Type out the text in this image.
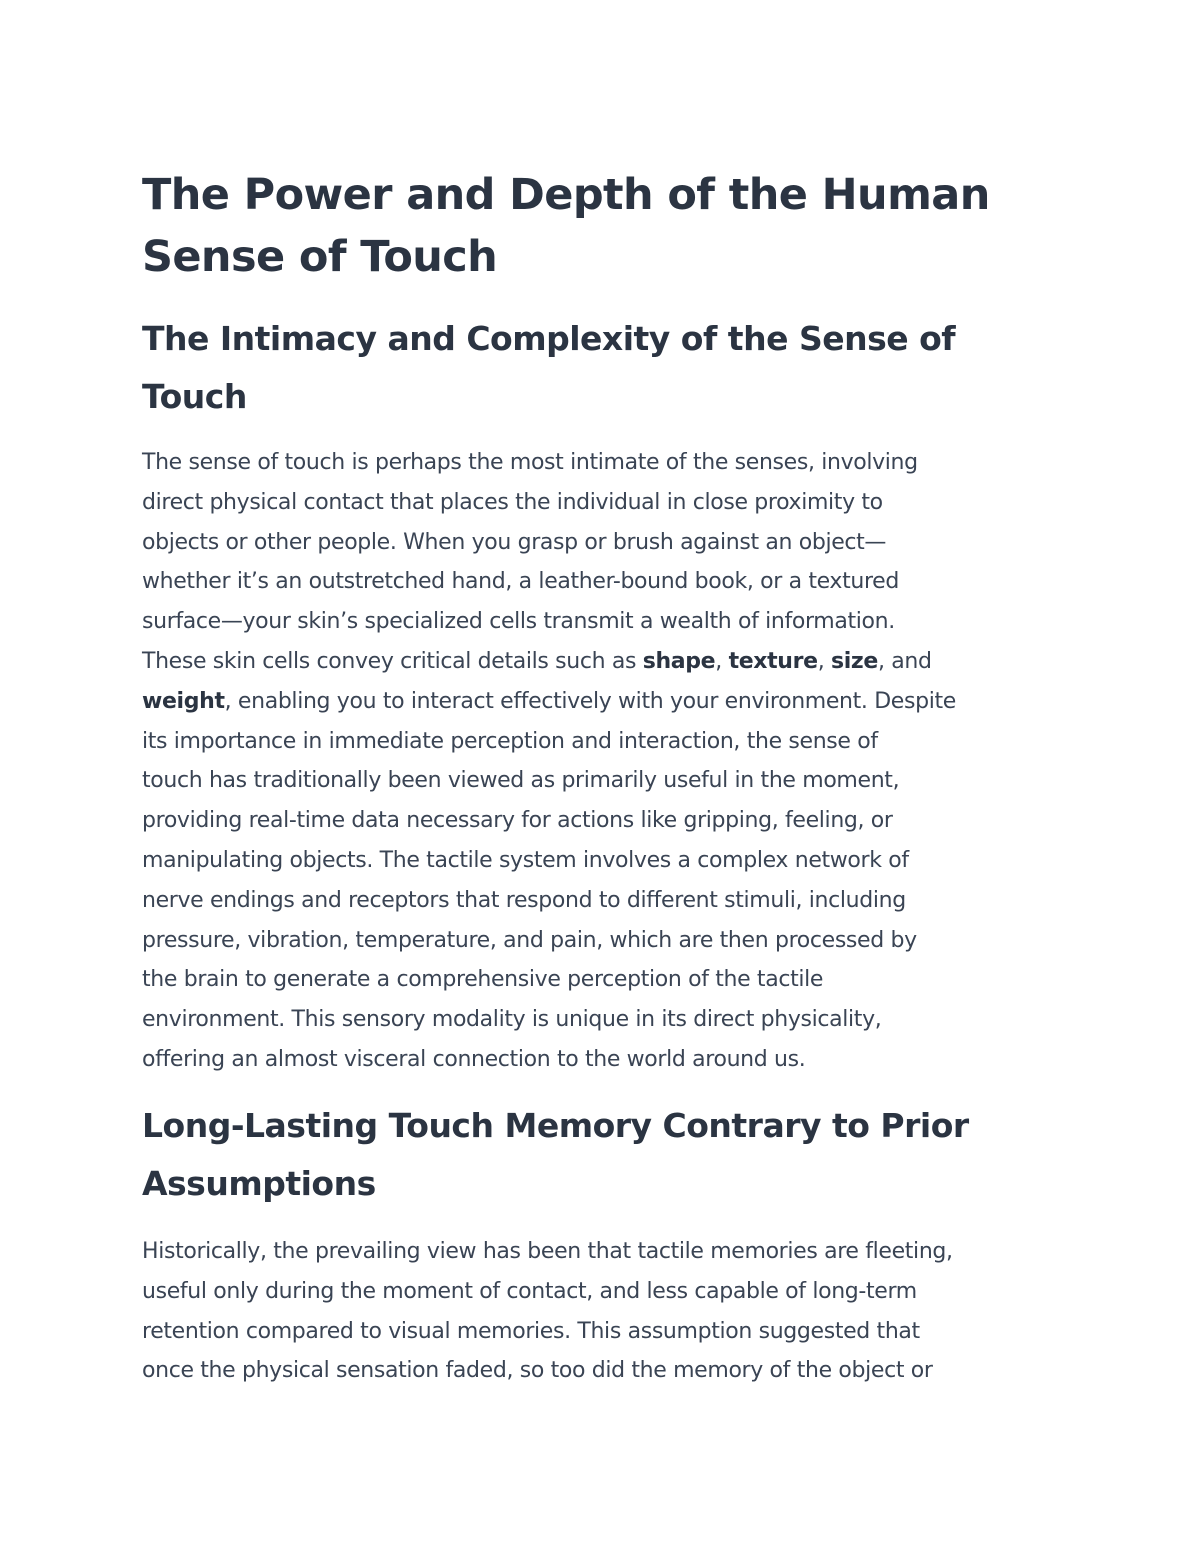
The Power and Depth of the Human
Sense of Touch
The Intimacy and Complexity of the Sense of
Touch

The sense of touch is perhaps the most intimate of the senses, involving
direct physical contact that places the individual in close proximity to
objects or other people. When you grasp or brush against an object—
whether it’s an outstretched hand, a leather-bound book, or a textured
surface—your skin’s specialized cells transmit a wealth of information.
These skin cells convey critical details such as shape, texture, size, and
weight, enabling you to interact effectively with your environment. Despite
its importance in immediate perception and interaction, the sense of
touch has traditionally been viewed as primarily useful in the moment,
providing real-time data necessary for actions like gripping, feeling, or
manipulating objects. The tactile system involves a complex network of
nerve endings and receptors that respond to different stimuli, including
pressure, vibration, temperature, and pain, which are then processed by
the brain to generate a comprehensive perception of the tactile
environment. This sensory modality is unique in its direct physicality,
offering an almost visceral connection to the world around us.

Long-Lasting Touch Memory Contrary to Prior
Assumptions

Historically, the prevailing view has been that tactile memories are fleeting,
useful only during the moment of contact, and less capable of long-term
retention compared to visual memories. This assumption suggested that
once the physical sensation faded, so too did the memory of the object or
